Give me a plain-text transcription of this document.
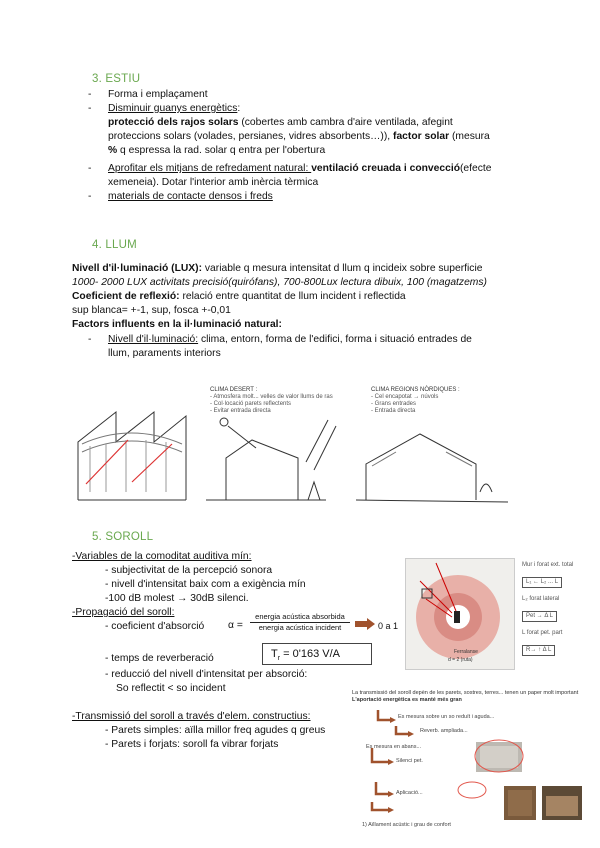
3. ESTIU
- Forma i emplaçament
- Disminuir guanys energètics:
protecció dels rajos solars (cobertes amb cambra d'aire ventilada, afegint
proteccions solars (volades, persianes, vidres absorbents…)), factor solar (mesura
% q espressa la rad. solar q entra per l'obertura
- Aprofitar els mitjans de refredament natural: ventilació creuada i convecció(efecte
xemeneia). Dotar l'interior amb inèrcia tèrmica
- materials de contacte densos i freds
4. LLUM
Nivell d'il·luminació (LUX): variable q mesura intensitat d llum q incideix sobre superficie
1000- 2000 LUX activitats precisió(quirófans), 700-800Lux lectura dibuix, 100 (magatzems)
Coeficient de reflexió: relació entre quantitat de llum incident i reflectida
sup blanca= +-1, sup, fosca +-0,01
Factors influents en la il·luminació natural:
- Nivell d'il·luminació: clima, entorn, forma de l'edifici, forma i situació entrades de
llum, paraments interiors
CLIMA DESERT :
- Atmosfera molt... velles de valor llums de ras
- Col·locació parets reflectents
- Evitar entrada directa
CLIMA REGIONS NÒRDIQUES :
- Cel encapotat → núvols
- Grans entrades
- Entrada directa
5. SOROLL
-Variables de la comoditat auditiva mín:
- subjectivitat de la percepció sonora
- nivell d'intensitat baix com a exigència mín
-100 dB molest → 30dB silenci.
-Propagació del soroll:
- coeficient d'absorció α =
energia acústica absorbida
energia acústica incident	0 a 1
- temps de reverberació	$T_r = 0'163$ V/A
- reducció del nivell d'intensitat per absorció:
So reflectit < so incident
-Transmissió del soroll a través d'elem. constructius:
- Parets simples: aïlla millor freq agudes q greus
- Parets i forjats: soroll fa vibrar forjats
Ferralanse
d = 2 (ruta)
Mur i forat ext. total
L₁ ← L₂ ... L

L₂ forat lateral
Pet → Δ L

L forat pet. part
R→ ↑ Δ L

La transmissió del soroll depèn de les parets, sostres, terres... tenen un paper molt important
L'aportació energètica es manté més gran
Es mesura sobre un so reduït i aguda...
Reverb. ampliada...
Es mesura en abans...
Silenci pet.
Aplicació...
1) Aïllament acústic i grau de confort
